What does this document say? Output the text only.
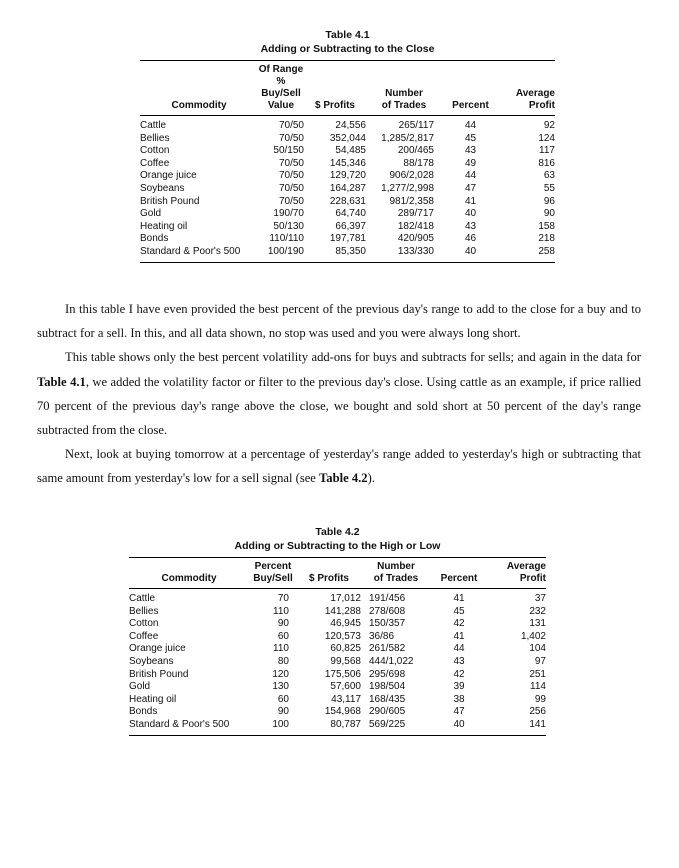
Table 4.1
Adding or Subtracting to the Close
	Of Range				
	%				
	Buy/Sell		Number		Average
Commodity	Value	$ Profits	of Trades	Percent	Profit
Cattle	70/50	24,556	265/117	44	92
Bellies	70/50	352,044	1,285/2,817	45	124
Cotton	50/150	54,485	200/465	43	117
Coffee	70/50	145,346	88/178	49	816
Orange juice	70/50	129,720	906/2,028	44	63
Soybeans	70/50	164,287	1,277/2,998	47	55
British Pound	70/50	228,631	981/2,358	41	96
Gold	190/70	64,740	289/717	40	90
Heating oil	50/130	66,397	182/418	43	158
Bonds	110/110	197,781	420/905	46	218
Standard & Poor's 500	100/190	85,350	133/330	40	258

In this table I have even provided the best percent of the previous day's range to add to the close for a buy and to subtract for a sell. In this, and all data shown, no stop was used and you were always long short.

This table shows only the best percent volatility add-ons for buys and subtracts for sells; and again in the data for Table 4.1, we added the volatility factor or filter to the previous day's close. Using cattle as an example, if price rallied 70 percent of the previous day's range above the close, we bought and sold short at 50 percent of the day's range subtracted from the close.

Next, look at buying tomorrow at a percentage of yesterday's range added to yesterday's high or subtracting that same amount from yesterday's low for a sell signal (see Table 4.2).

Table 4.2
Adding or Subtracting to the High or Low
	Percent		Number		Average
Commodity	Buy/Sell	$ Profits	of Trades	Percent	Profit
Cattle	70	17,012	191/456	41	37
Bellies	110	141,288	278/608	45	232
Cotton	90	46,945	150/357	42	131
Coffee	60	120,573	36/86	41	1,402
Orange juice	110	60,825	261/582	44	104
Soybeans	80	99,568	444/1,022	43	97
British Pound	120	175,506	295/698	42	251
Gold	130	57,600	198/504	39	114
Heating oil	60	43,117	168/435	38	99
Bonds	90	154,968	290/605	47	256
Standard & Poor's 500	100	80,787	569/225	40	141
